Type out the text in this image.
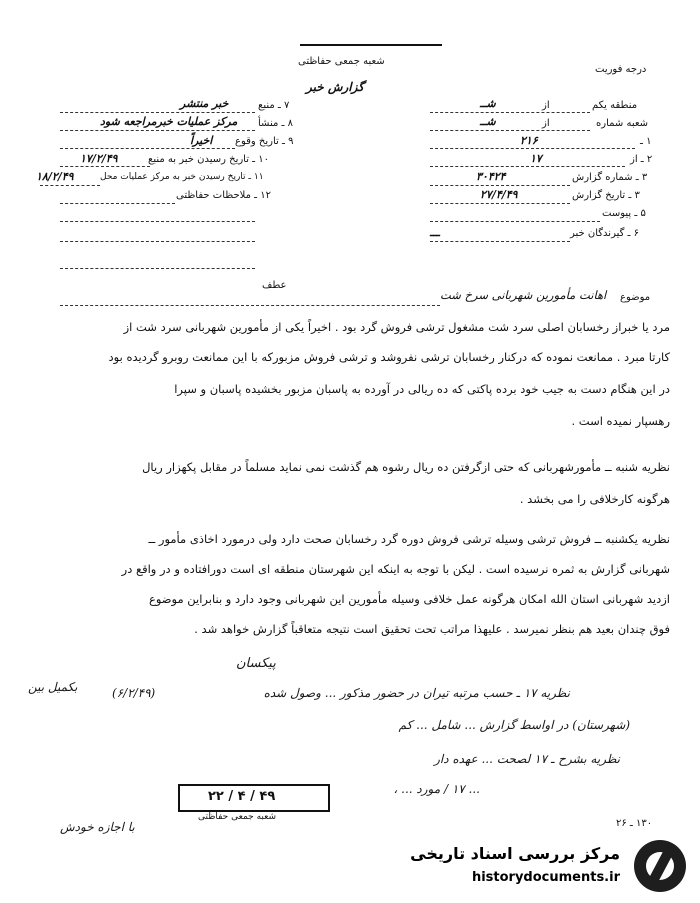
درجه فوریت
شعبه جمعی حفاظتی
گزارش خبر
منطقه یکم
از
شــ
شعبه شماره
از
شــ
۱ ـ
۲۱۶
۲ ـ از
۱۷
۳ ـ شماره گزارش
۳۰۴۲۴
۳ ـ تاریخ گزارش
۲۷/۴/۴۹
۵ ـ پیوست
۶ ـ گیرندگان خبر
ـــ
۷ ـ منبع
خبر منتشر
۸ ـ منشأ
مرکز عملیات خبرمراجعه شود
۹ ـ تاریخ وقوع
اخیراً
۱۰ ـ تاریخ رسیدن خبر به منبع
۱۷/۲/۴۹
۱۱ ـ تاریخ رسیدن خبر به مرکز عملیات محل
۱۸/۲/۴۹
۱۲ ـ ملاحظات حفاظتی
موضوع
اهانت مأمورین شهربانی سرخ شت
عطف
مرد یا خبراز رخسابان اصلی سرد شت مشغول ترشی فروش گرد بود . اخیراً یکی از مأمورین شهربانی سرد شت از
کارتا مبرد . ممانعت نموده که درکنار رخسابان ترشی نفروشد و ترشی فروش مزبورکه با این ممانعت روبرو گردیده بود
در این هنگام دست به جیب خود برده پاکتی که ده ریالی در آورده به پاسبان مزبور بخشیده پاسبان و سپرا
رهسپار نمیده است .
نظریه شنبه ــ مأمورشهربانی که حتی ازگرفتن ده ریال رشوه هم گذشت نمی نماید مسلماً در مقابل پکهزار ریال
هرگونه کارخلافی را می بخشد .
نظریه یکشنبه ــ فروش ترشی وسیله ترشی فروش دوره گرد رخسابان صحت دارد ولی درمورد اخاذی مأمور ــ
شهربانی گزارش به ثمره نرسیده است . لیکن با توجه به اینکه این شهرستان منطقه ای است دورافتاده و در واقع در
ازدید شهربانی استان الله امکان هرگونه عمل خلافی وسیله مأمورین این شهربانی وجود دارد و بنابراین موضوع
فوق چندان بعید هم بنظر نمیرسد . علیهذا مراتب تحت تحقیق است نتیجه متعاقباً گزارش خواهد شد .
پیکسان
نظریه ۱۷ ـ حسب مرتبه تیران در حضور مذکور ... وصول شده
(۶/۲/۴۹)
بکمیل بین
(شهرستان) در اواسط گزارش ... شامل ... کم
نظریه بشرح ـ ۱۷ لصحت ... عهده دار
... ۱۷ / مورد ... ،
با اجازه خودش
۲۲ / ۴ / ۴۹
شعبه جمعی حفاظتی
۱۳۰ ـ ۲۶
مرکز بررسی اسناد تاریخی
historydocuments.ir
